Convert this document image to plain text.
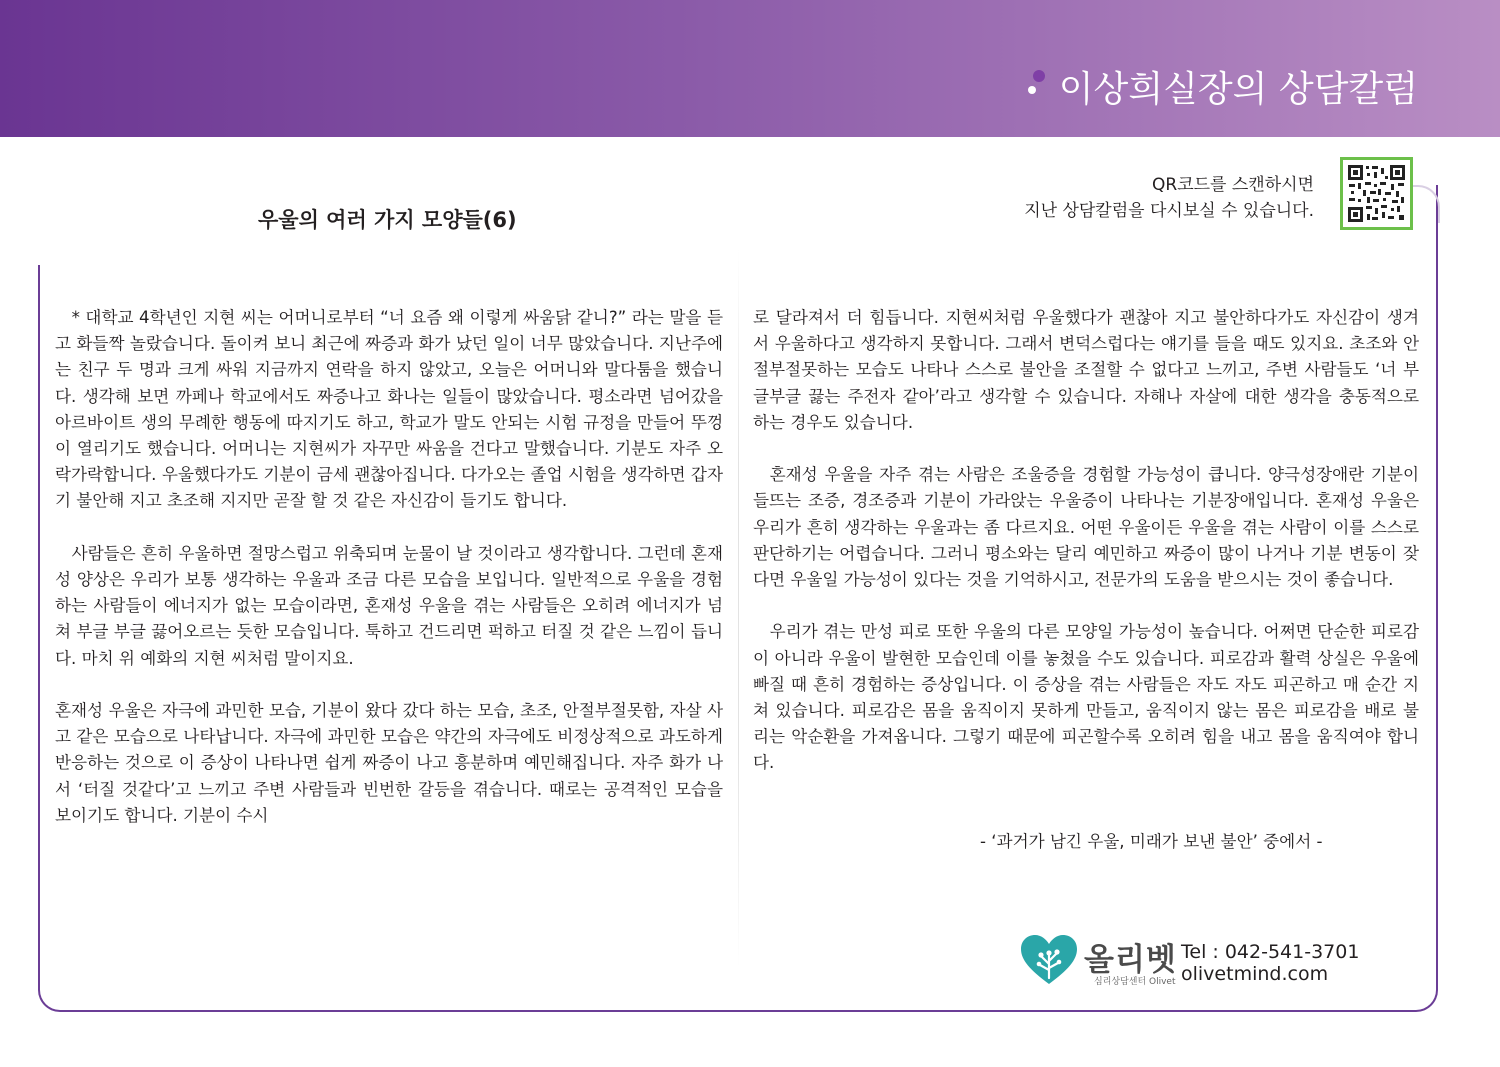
이상희실장의 상담칼럼
우울의 여러 가지 모양들(6)
QR코드를 스캔하시면
지난 상담칼럼을 다시보실 수 있습니다.

* 대학교 4학년인 지현 씨는 어머니로부터 “너 요즘 왜 이렇게 싸움닭 같니?” 라는 말을 듣고 화들짝 놀랐습니다. 돌이켜 보니 최근에 짜증과 화가 났던 일이 너무 많았습니다. 지난주에는 친구 두 명과 크게 싸워 지금까지 연락을 하지 않았고, 오늘은 어머니와 말다툼을 했습니다. 생각해 보면 까페나 학교에서도 짜증나고 화나는 일들이 많았습니다. 평소라면 넘어갔을 아르바이트 생의 무례한 행동에 따지기도 하고, 학교가 말도 안되는 시험 규정을 만들어 뚜껑이 열리기도 했습니다. 어머니는 지현씨가 자꾸만 싸움을 건다고 말했습니다. 기분도 자주 오락가락합니다. 우울했다가도 기분이 금세 괜찮아집니다. 다가오는 졸업 시험을 생각하면 갑자기 불안해 지고 초조해 지지만 곧잘 할 것 같은 자신감이 들기도 합니다.

사람들은 흔히 우울하면 절망스럽고 위축되며 눈물이 날 것이라고 생각합니다. 그런데 혼재성 양상은 우리가 보통 생각하는 우울과 조금 다른 모습을 보입니다. 일반적으로 우울을 경험하는 사람들이 에너지가 없는 모습이라면, 혼재성 우울을 겪는 사람들은 오히려 에너지가 넘쳐 부글 부글 끓어오르는 듯한 모습입니다. 툭하고 건드리면 퍽하고 터질 것 같은 느낌이 듭니다. 마치 위 예화의 지현 씨처럼 말이지요.

혼재성 우울은 자극에 과민한 모습, 기분이 왔다 갔다 하는 모습, 초조, 안절부절못함, 자살 사고 같은 모습으로 나타납니다. 자극에 과민한 모습은 약간의 자극에도 비정상적으로 과도하게 반응하는 것으로 이 증상이 나타나면 쉽게 짜증이 나고 흥분하며 예민해집니다. 자주 화가 나서 ‘터질 것같다’고 느끼고 주변 사람들과 빈번한 갈등을 겪습니다. 때로는 공격적인 모습을 보이기도 합니다. 기분이 수시

로 달라져서 더 힘듭니다. 지현씨처럼 우울했다가 괜찮아 지고 불안하다가도 자신감이 생겨서 우울하다고 생각하지 못합니다. 그래서 변덕스럽다는 얘기를 들을 때도 있지요. 초조와 안절부절못하는 모습도 나타나 스스로 불안을 조절할 수 없다고 느끼고, 주변 사람들도 ‘너 부글부글 끓는 주전자 같아’라고 생각할 수 있습니다. 자해나 자살에 대한 생각을 충동적으로 하는 경우도 있습니다.

혼재성 우울을 자주 겪는 사람은 조울증을 경험할 가능성이 큽니다. 양극성장애란 기분이 들뜨는 조증, 경조증과 기분이 가라앉는 우울증이 나타나는 기분장애입니다. 혼재성 우울은 우리가 흔히 생각하는 우울과는 좀 다르지요. 어떤 우울이든 우울을 겪는 사람이 이를 스스로 판단하기는 어렵습니다. 그러니 평소와는 달리 예민하고 짜증이 많이 나거나 기분 변동이 잦다면 우울일 가능성이 있다는 것을 기억하시고, 전문가의 도움을 받으시는 것이 좋습니다.

우리가 겪는 만성 피로 또한 우울의 다른 모양일 가능성이 높습니다. 어쩌면 단순한 피로감이 아니라 우울이 발현한 모습인데 이를 놓쳤을 수도 있습니다. 피로감과 활력 상실은 우울에 빠질 때 흔히 경험하는 증상입니다. 이 증상을 겪는 사람들은 자도 자도 피곤하고 매 순간 지쳐 있습니다. 피로감은 몸을 움직이지 못하게 만들고, 움직이지 않는 몸은 피로감을 배로 불리는 악순환을 가져옵니다. 그렇기 때문에 피곤할수록 오히려 힘을 내고 몸을 움직여야 합니다.

- ‘과거가 남긴 우울, 미래가 보낸 불안’ 중에서 -
올리벳
심리상담센터 Olivet
Tel : 042-541-3701
olivetmind.com
